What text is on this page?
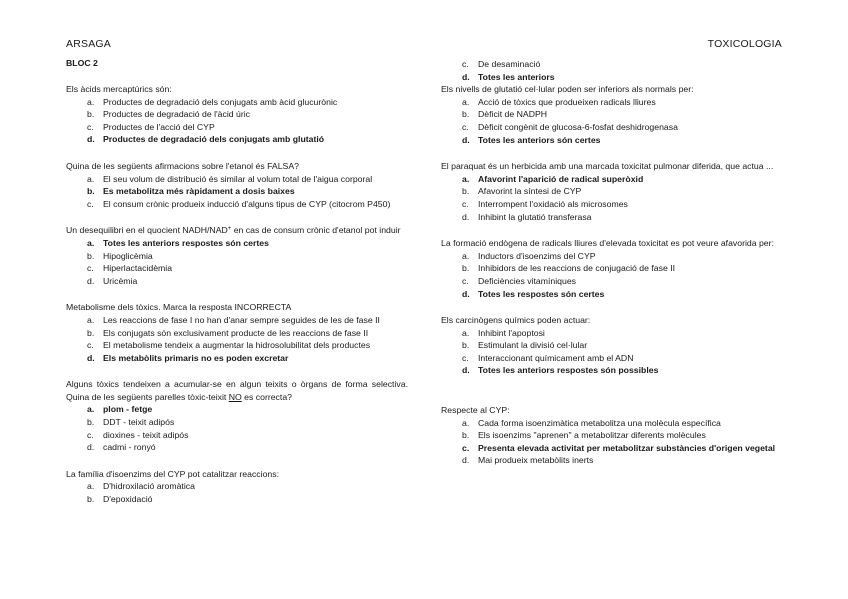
ARSAGA	TOXICOLOGIA
BLOC 2
Els àcids mercaptúrics són:
a. Productes de degradació dels conjugats amb àcid glucurònic
b. Productes de degradació de l'àcid úric
c. Productes de l'acció del CYP
d. Productes de degradació dels conjugats amb glutatió
Quina de les següents afirmacions sobre l'etanol és FALSA?
a. El seu volum de distribució és similar al volum total de l'aigua corporal
b. Es metabolitza més ràpidament a dosis baixes
c. El consum crònic produeix inducció d'alguns tipus de CYP (citocrom P450)
Un desequilibri en el quocient NADH/NAD+ en cas de consum crònic d'etanol pot induir
a. Totes les anteriors respostes són certes
b. Hipoglicèmia
c. Hiperlactacidèmia
d. Uricèmia
Metabolisme dels tòxics. Marca la resposta INCORRECTA
a. Les reaccions de fase I no han d'anar sempre seguides de les de fase II
b. Els conjugats són exclusivament producte de les reaccions de fase II
c. El metabolisme tendeix a augmentar la hidrosolubilitat dels productes
d. Els metabòlits primaris no es poden excretar
Alguns tòxics tendeixen a acumular-se en algun teixits o òrgans de forma selectiva. Quina de les següents parelles tòxic-teixit NO es correcta?
a. plom - fetge
b. DDT - teixit adipós
c. dioxines - teixit adipós
d. cadmi - ronyó
La família d'isoenzims del CYP pot catalitzar reaccions:
a. D'hidroxilació aromàtica
b. D'epoxidació
c. De desaminació
d. Totes les anteriors
Els nivells de glutatió cel·lular poden ser inferiors als normals per:
a. Acció de tòxics que produeixen radicals lliures
b. Dèficit de NADPH
c. Dèficit congènit de glucosa-6-fosfat deshidrogenasa
d. Totes les anteriors són certes
El paraquat és un herbicida amb una marcada toxicitat pulmonar diferida, que actua ...
a. Afavorint l'aparició de radical superòxid
b. Afavorint la síntesi de CYP
c. Interrompent l'oxidació als microsomes
d. Inhibint la glutatió transferasa
La formació endògena de radicals lliures d'elevada toxicitat es pot veure afavorida per:
a. Inductors d'isoenzims del CYP
b. Inhibidors de les reaccions de conjugació de fase II
c. Deficiències vitamíniques
d. Totes les respostes són certes
Els carcinògens químics poden actuar:
a. Inhibint l'apoptosi
b. Estimulant la divisió cel·lular
c. Interaccionant químicament amb el ADN
d. Totes les anteriors respostes són possibles
Respecte al CYP:
a. Cada forma isoenzimàtica metabolitza una molècula específica
b. Els isoenzims "aprenen" a metabolitzar diferents molècules
c. Presenta elevada activitat per metabolitzar substàncies d'origen vegetal
d. Mai produeix metabòlits inerts
